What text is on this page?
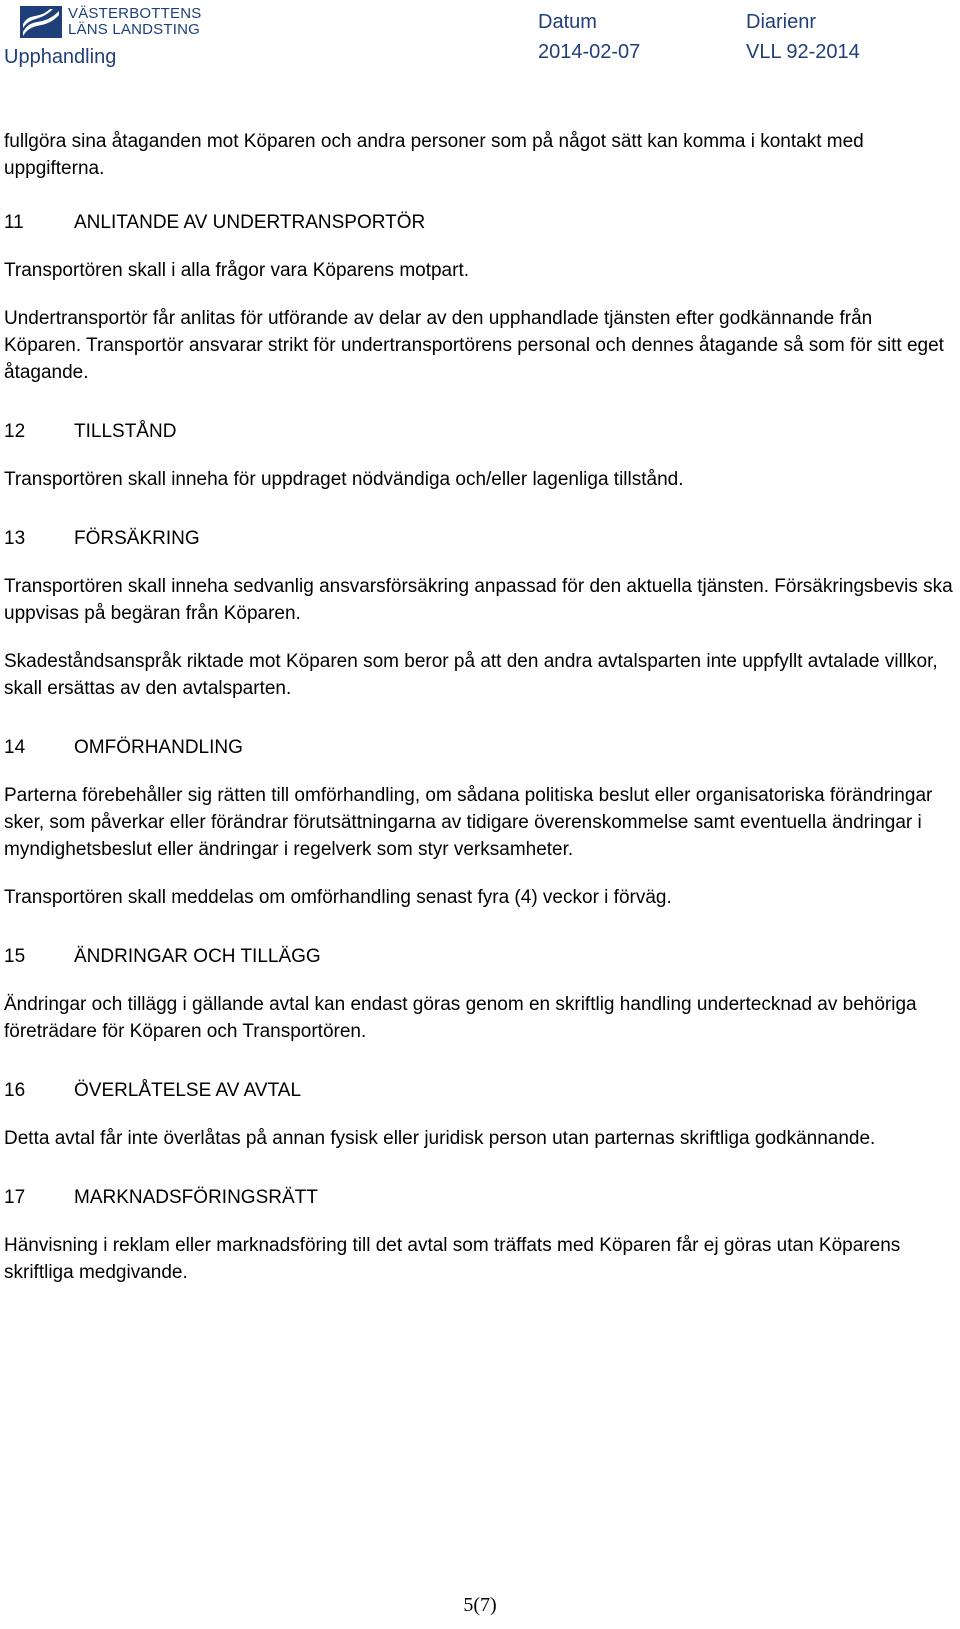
VÄSTERBOTTENS
LÄNS LANDSTING
Upphandling
Datum
2014-02-07
Diarienr
VLL 92-2014

fullgöra sina åtaganden mot Köparen och andra personer som på något sätt kan komma i kontakt med uppgifterna.

11	ANLITANDE AV UNDERTRANSPORTÖR

Transportören skall i alla frågor vara Köparens motpart.

Undertransportör får anlitas för utförande av delar av den upphandlade tjänsten efter godkännande från Köparen. Transportör ansvarar strikt för undertransportörens personal och dennes åtagande så som för sitt eget åtagande.

12	TILLSTÅND

Transportören skall inneha för uppdraget nödvändiga och/eller lagenliga tillstånd.

13	FÖRSÄKRING

Transportören skall inneha sedvanlig ansvarsförsäkring anpassad för den aktuella tjänsten. Försäkringsbevis ska uppvisas på begäran från Köparen.

Skadeståndsanspråk riktade mot Köparen som beror på att den andra avtalsparten inte uppfyllt avtalade villkor, skall ersättas av den avtalsparten.

14	OMFÖRHANDLING

Parterna förebehåller sig rätten till omförhandling, om sådana politiska beslut eller organisatoriska förändringar sker, som påverkar eller förändrar förutsättningarna av tidigare överenskommelse samt eventuella ändringar i myndighetsbeslut eller ändringar i regelverk som styr verksamheter.

Transportören skall meddelas om omförhandling senast fyra (4) veckor i förväg.

15	ÄNDRINGAR OCH TILLÄGG

Ändringar och tillägg i gällande avtal kan endast göras genom en skriftlig handling undertecknad av behöriga företrädare för Köparen och Transportören.

16	ÖVERLÅTELSE AV AVTAL

Detta avtal får inte överlåtas på annan fysisk eller juridisk person utan parternas skriftliga godkännande.

17	MARKNADSFÖRINGSRÄTT

Hänvisning i reklam eller marknadsföring till det avtal som träffats med Köparen får ej göras utan Köparens skriftliga medgivande.

5(7)
